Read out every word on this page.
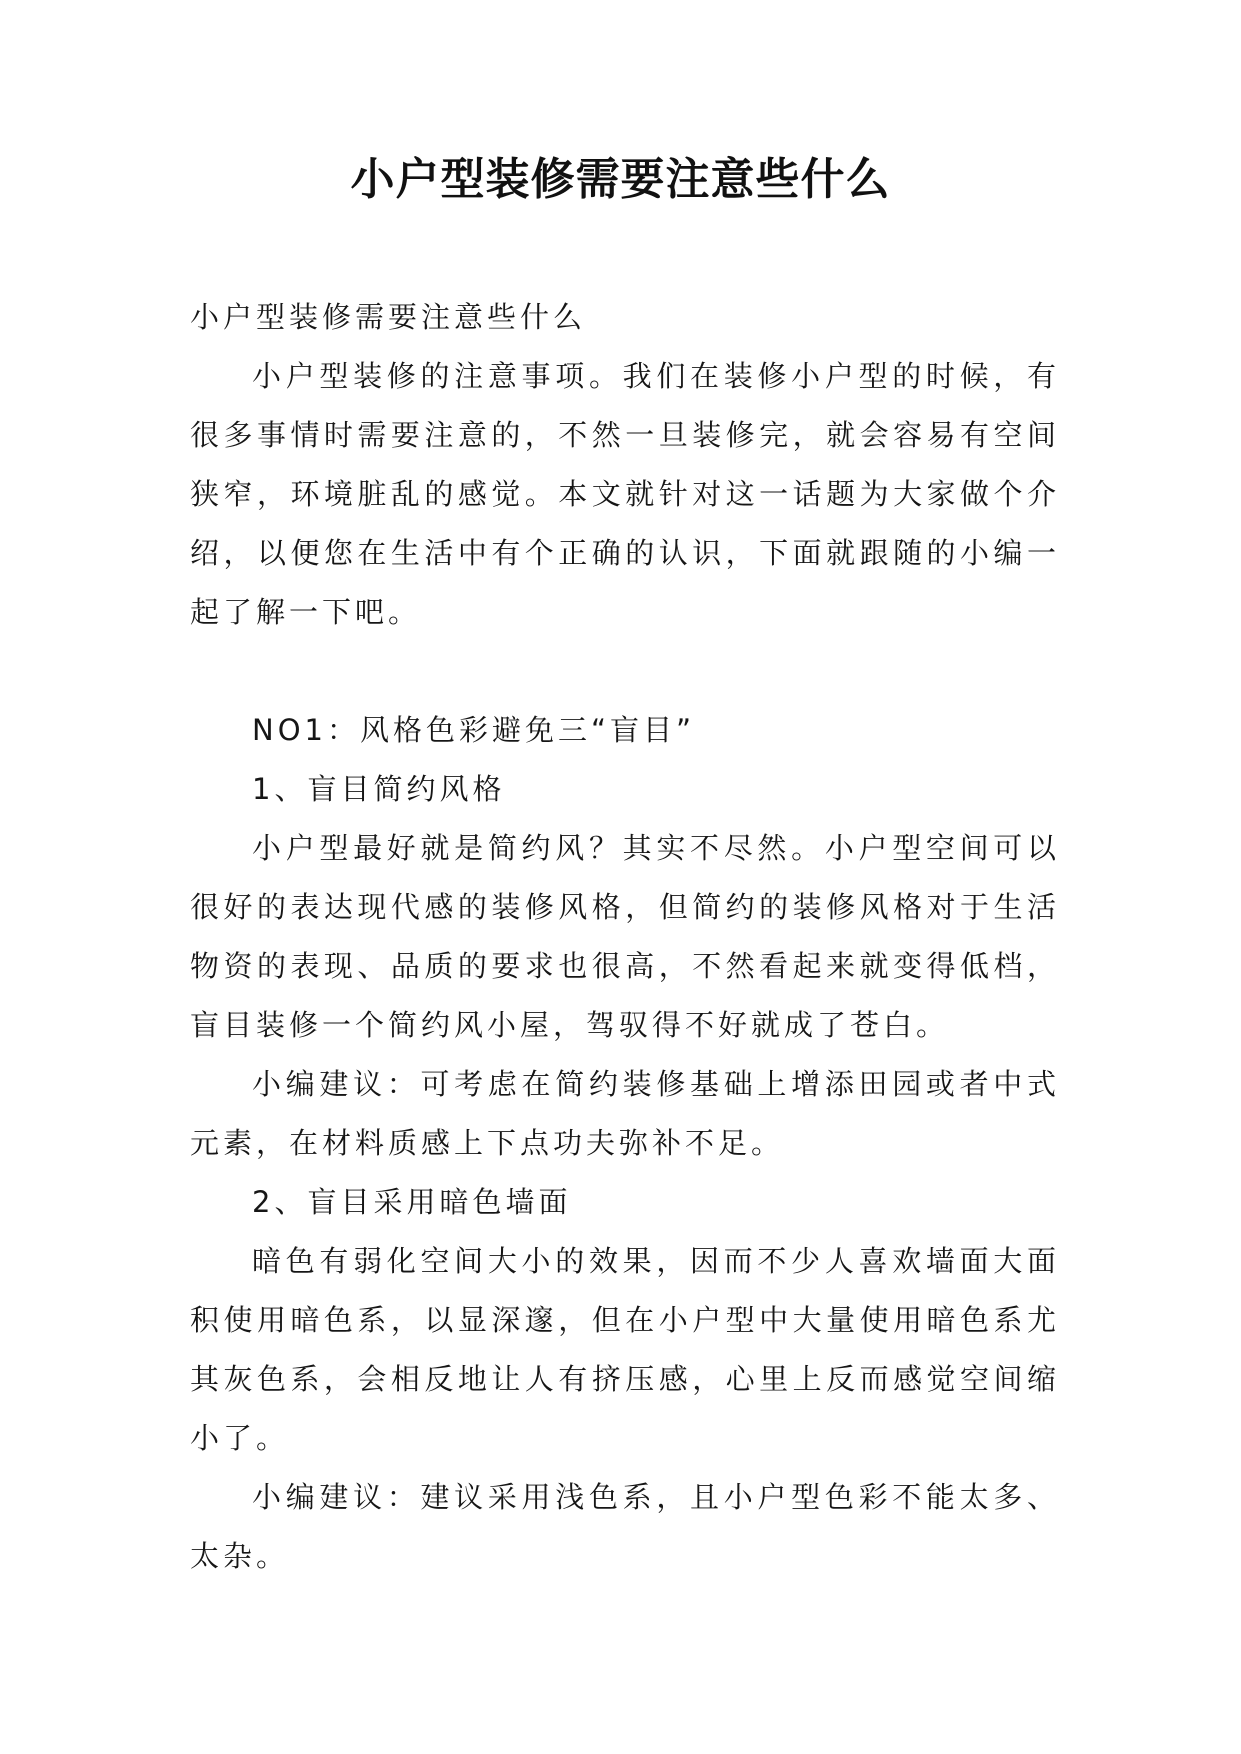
小户型装修需要注意些什么

小户型装修需要注意些什么

小户型装修的注意事项。我们在装修小户型的时候，有很多事情时需要注意的，不然一旦装修完，就会容易有空间狭窄，环境脏乱的感觉。本文就针对这一话题为大家做个介绍，以便您在生活中有个正确的认识，下面就跟随的小编一起了解一下吧。

NO1：风格色彩避免三“盲目”

1、盲目简约风格

小户型最好就是简约风？其实不尽然。小户型空间可以很好的表达现代感的装修风格，但简约的装修风格对于生活物资的表现、品质的要求也很高，不然看起来就变得低档，盲目装修一个简约风小屋，驾驭得不好就成了苍白。

小编建议：可考虑在简约装修基础上增添田园或者中式元素，在材料质感上下点功夫弥补不足。

2、盲目采用暗色墙面

暗色有弱化空间大小的效果，因而不少人喜欢墙面大面积使用暗色系，以显深邃，但在小户型中大量使用暗色系尤其灰色系，会相反地让人有挤压感，心里上反而感觉空间缩小了。

小编建议：建议采用浅色系，且小户型色彩不能太多、太杂。
